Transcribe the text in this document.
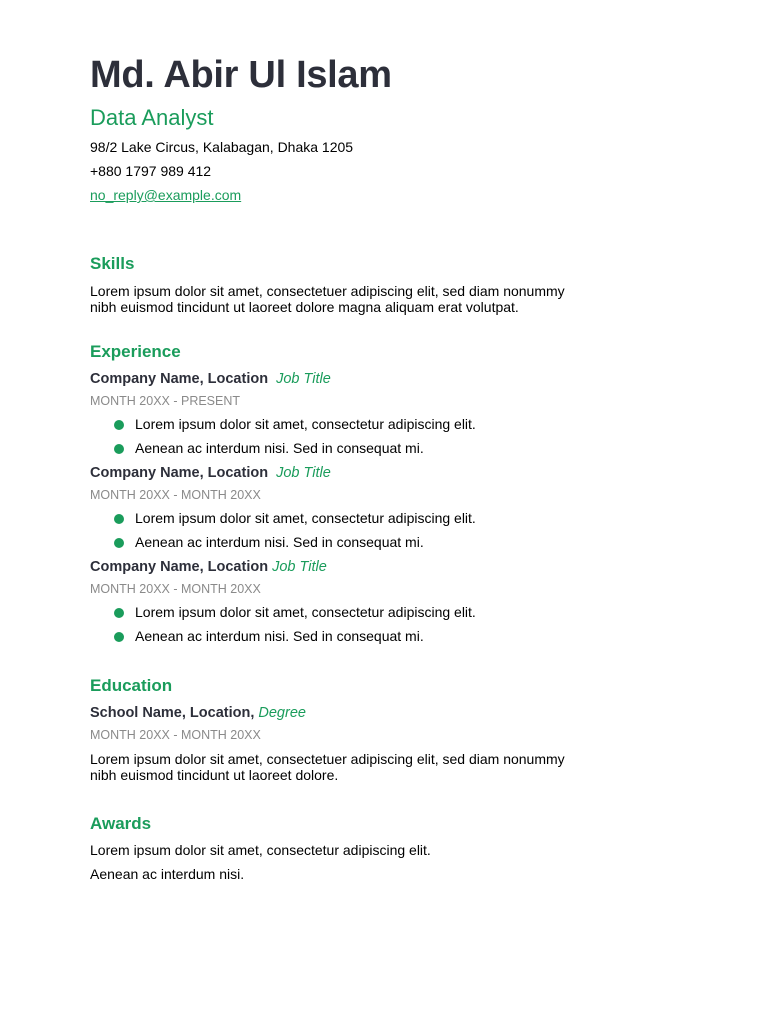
Md. Abir Ul Islam
Data Analyst
98/2 Lake Circus, Kalabagan, Dhaka 1205
+880 1797 989 412
no_reply@example.com
Skills
Lorem ipsum dolor sit amet, consectetuer adipiscing elit, sed diam nonummy nibh euismod tincidunt ut laoreet dolore magna aliquam erat volutpat.
Experience
Company Name, Location Job Title
MONTH 20XX - PRESENT
Lorem ipsum dolor sit amet, consectetur adipiscing elit.
Aenean ac interdum nisi. Sed in consequat mi.
Company Name, Location Job Title
MONTH 20XX - MONTH 20XX
Lorem ipsum dolor sit amet, consectetur adipiscing elit.
Aenean ac interdum nisi. Sed in consequat mi.
Company Name, Location Job Title
MONTH 20XX - MONTH 20XX
Lorem ipsum dolor sit amet, consectetur adipiscing elit.
Aenean ac interdum nisi. Sed in consequat mi.
Education
School Name, Location, Degree
MONTH 20XX - MONTH 20XX
Lorem ipsum dolor sit amet, consectetuer adipiscing elit, sed diam nonummy nibh euismod tincidunt ut laoreet dolore.
Awards
Lorem ipsum dolor sit amet, consectetur adipiscing elit.
Aenean ac interdum nisi.
